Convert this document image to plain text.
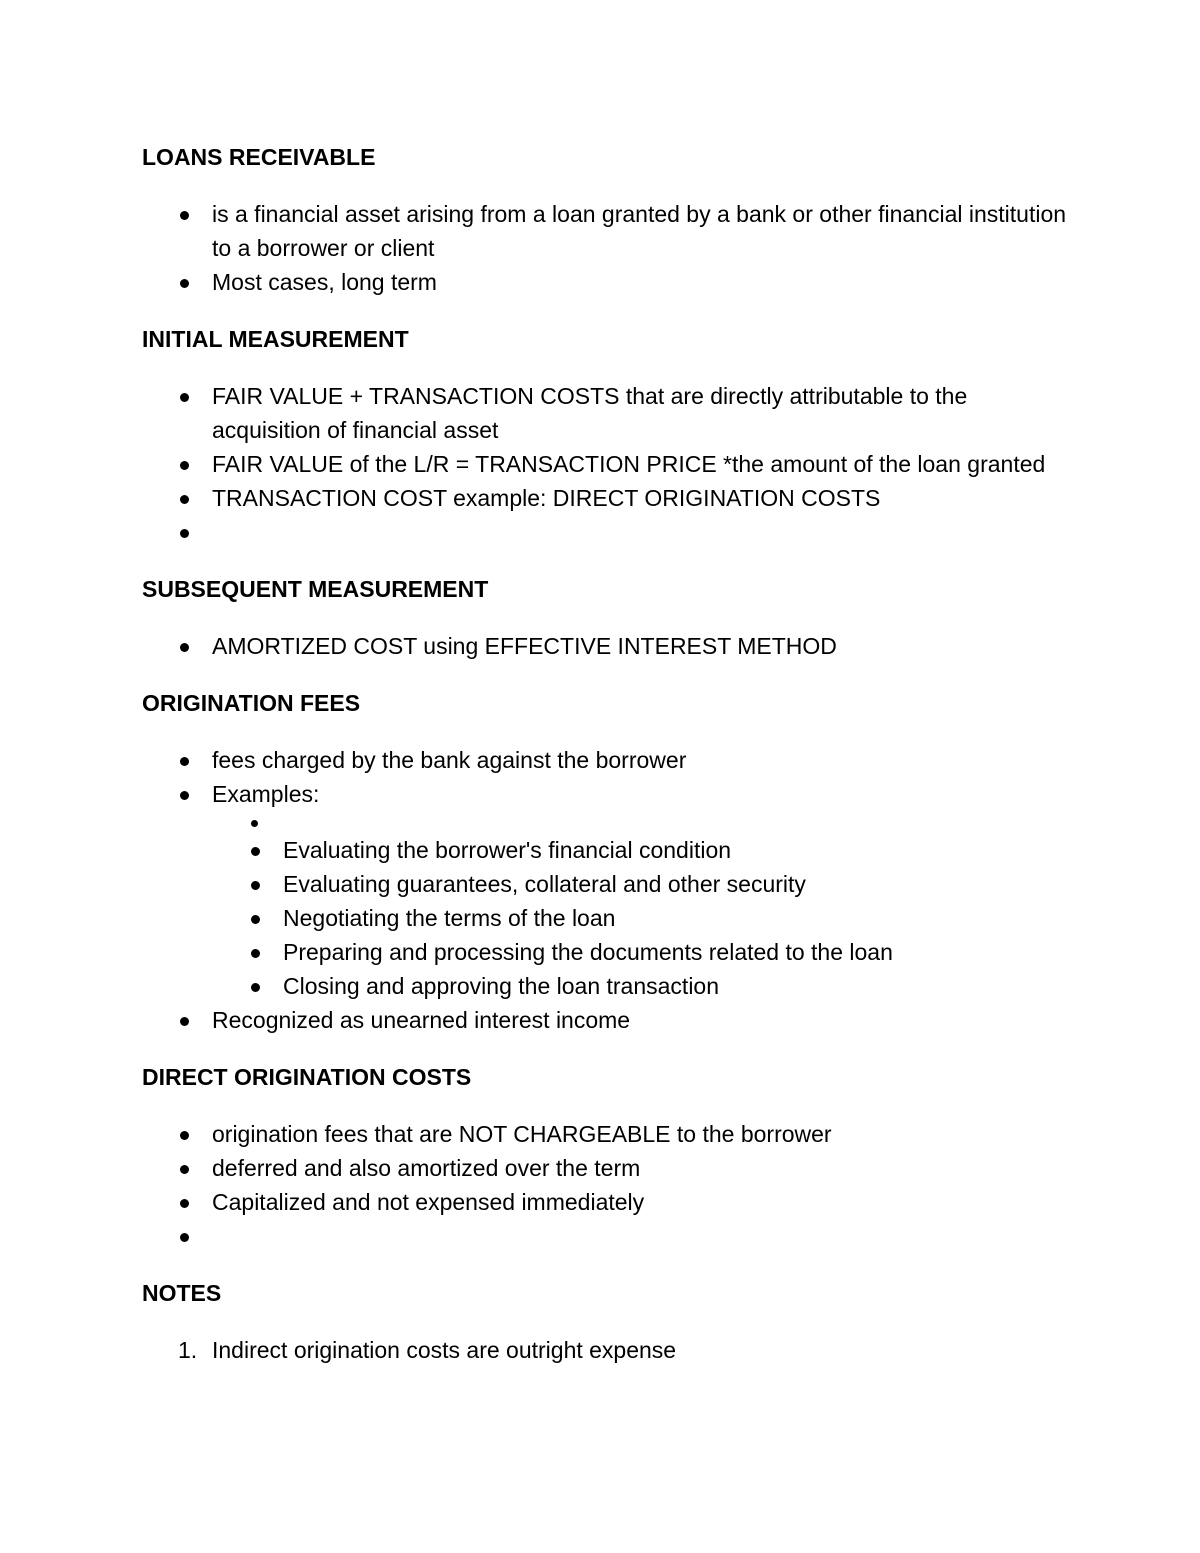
LOANS RECEIVABLE
is a financial asset arising from a loan granted by a bank or other financial institution to a borrower or client
Most cases, long term
INITIAL MEASUREMENT
FAIR VALUE + TRANSACTION COSTS that are directly attributable to the acquisition of financial asset
FAIR VALUE of the L/R = TRANSACTION PRICE *the amount of the loan granted
TRANSACTION COST example: DIRECT ORIGINATION COSTS
SUBSEQUENT MEASUREMENT
AMORTIZED COST using EFFECTIVE INTEREST METHOD
ORIGINATION FEES
fees charged by the bank against the borrower
Examples:
Evaluating the borrower's financial condition
Evaluating guarantees, collateral and other security
Negotiating the terms of the loan
Preparing and processing the documents related to the loan
Closing and approving the loan transaction
Recognized as unearned interest income
DIRECT ORIGINATION COSTS
origination fees that are NOT CHARGEABLE to the borrower
deferred and also amortized over the term
Capitalized and not expensed immediately
NOTES
1. Indirect origination costs are outright expense
